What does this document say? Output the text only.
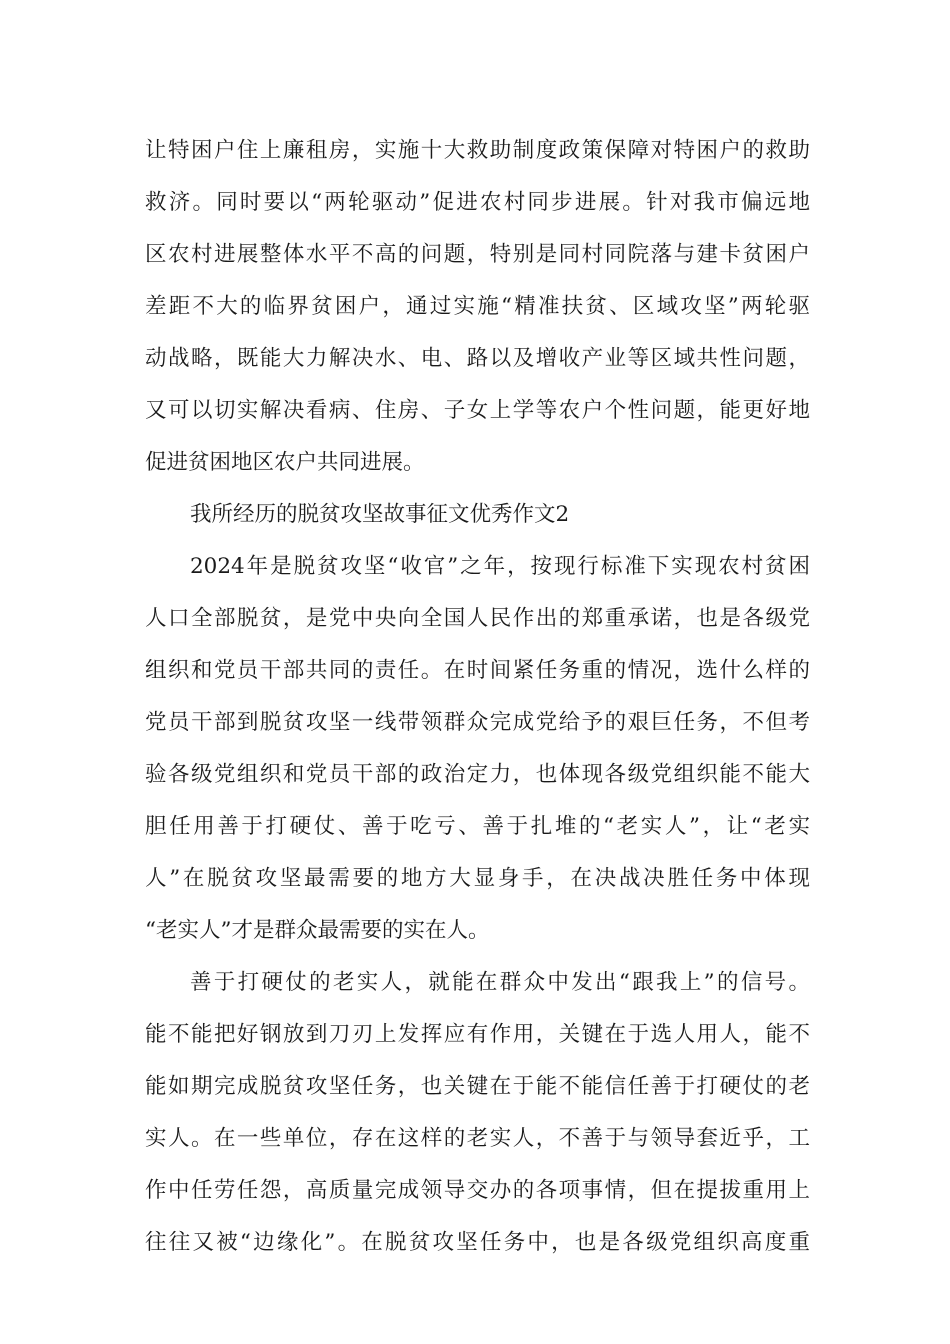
让特困户住上廉租房，实施十大救助制度政策保障对特困户的救助
救济。同时要以“两轮驱动”促进农村同步进展。针对我市偏远地
区农村进展整体水平不高的问题，特别是同村同院落与建卡贫困户
差距不大的临界贫困户，通过实施“精准扶贫、区域攻坚”两轮驱
动战略，既能大力解决水、电、路以及增收产业等区域共性问题，
又可以切实解决看病、住房、子女上学等农户个性问题，能更好地
促进贫困地区农户共同进展。
我所经历的脱贫攻坚故事征文优秀作文2
2024年是脱贫攻坚“收官”之年，按现行标准下实现农村贫困
人口全部脱贫，是党中央向全国人民作出的郑重承诺，也是各级党
组织和党员干部共同的责任。在时间紧任务重的情况，选什么样的
党员干部到脱贫攻坚一线带领群众完成党给予的艰巨任务，不但考
验各级党组织和党员干部的政治定力，也体现各级党组织能不能大
胆任用善于打硬仗、善于吃亏、善于扎堆的“老实人”，让“老实
人”在脱贫攻坚最需要的地方大显身手，在决战决胜任务中体现
“老实人”才是群众最需要的实在人。
善于打硬仗的老实人，就能在群众中发出“跟我上”的信号。
能不能把好钢放到刀刃上发挥应有作用，关键在于选人用人，能不
能如期完成脱贫攻坚任务，也关键在于能不能信任善于打硬仗的老
实人。在一些单位，存在这样的老实人，不善于与领导套近乎，工
作中任劳任怨，高质量完成领导交办的各项事情，但在提拔重用上
往往又被“边缘化”。在脱贫攻坚任务中，也是各级党组织高度重
